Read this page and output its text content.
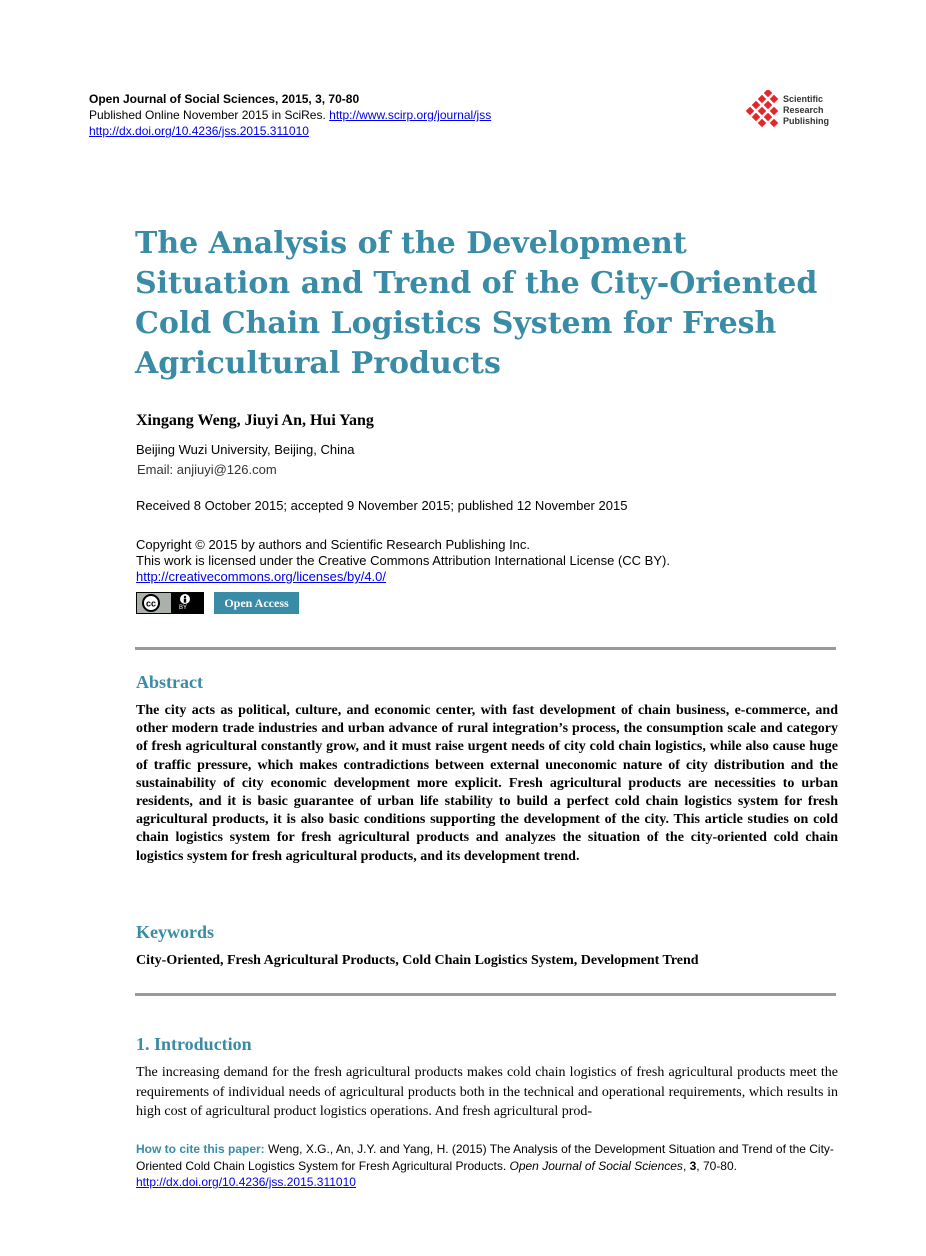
Open Journal of Social Sciences, 2015, 3, 70-80
Published Online November 2015 in SciRes. http://www.scirp.org/journal/jss
http://dx.doi.org/10.4236/jss.2015.311010
Scientific
Research
Publishing
The Analysis of the Development Situation and Trend of the City-Oriented Cold Chain Logistics System for Fresh Agricultural Products
Xingang Weng, Jiuyi An, Hui Yang
Beijing Wuzi University, Beijing, China
Email: anjiuyi@126.com
Received 8 October 2015; accepted 9 November 2015; published 12 November 2015
Copyright © 2015 by authors and Scientific Research Publishing Inc.
This work is licensed under the Creative Commons Attribution International License (CC BY).
http://creativecommons.org/licenses/by/4.0/
cc	BY	Open Access
Abstract
The city acts as political, culture, and economic center, with fast development of chain business, e-commerce, and other modern trade industries and urban advance of rural integration’s process, the consumption scale and category of fresh agricultural constantly grow, and it must raise urgent needs of city cold chain logistics, while also cause huge of traffic pressure, which makes contradictions between external uneconomic nature of city distribution and the sustainability of city economic development more explicit. Fresh agricultural products are necessities to urban residents, and it is basic guarantee of urban life stability to build a perfect cold chain logistics system for fresh agricultural products, it is also basic conditions supporting the development of the city. This article studies on cold chain logistics system for fresh agricultural products and analyzes the situation of the city-oriented cold chain logistics system for fresh agricultural products, and its development trend.
Keywords
City-Oriented, Fresh Agricultural Products, Cold Chain Logistics System, Development Trend
1. Introduction
The increasing demand for the fresh agricultural products makes cold chain logistics of fresh agricultural products meet the requirements of individual needs of agricultural products both in the technical and operational requirements, which results in high cost of agricultural product logistics operations. And fresh agricultural prod-
How to cite this paper: Weng, X.G., An, J.Y. and Yang, H. (2015) The Analysis of the Development Situation and Trend of the City-Oriented Cold Chain Logistics System for Fresh Agricultural Products. Open Journal of Social Sciences, 3, 70-80.
http://dx.doi.org/10.4236/jss.2015.311010
